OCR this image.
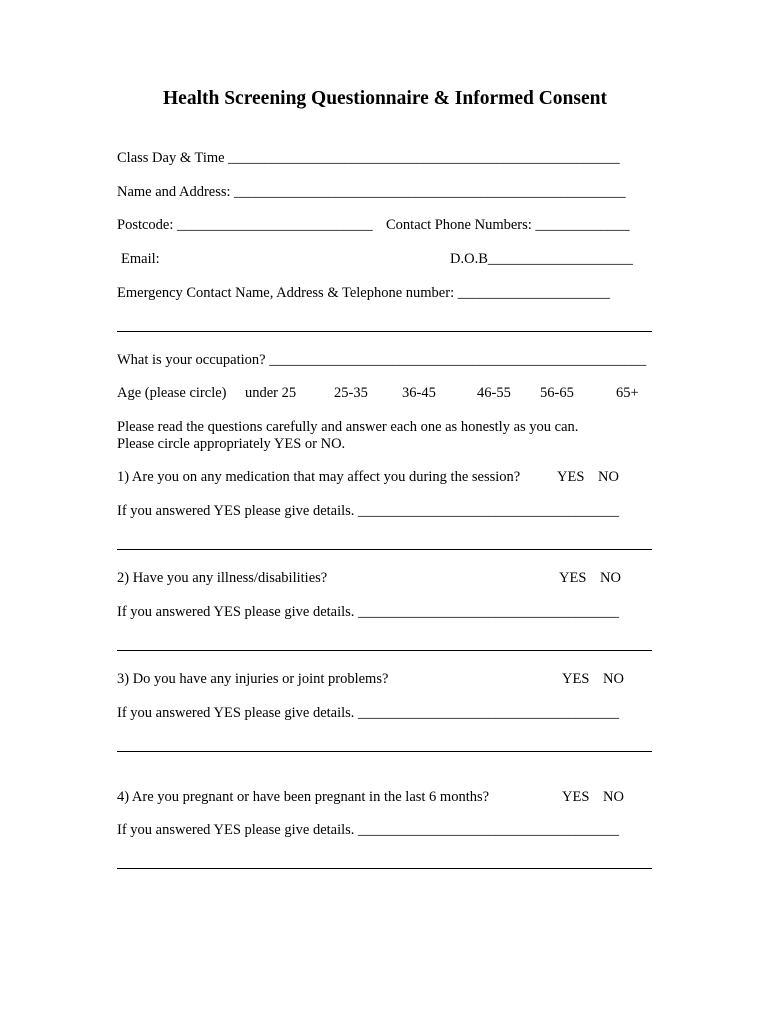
Health Screening Questionnaire & Informed Consent
Class Day & Time ______________________________________________________
Name and Address: ______________________________________________________
Postcode: ___________________________ Contact Phone Numbers: _____________
Email:	D.O.B____________________
Emergency Contact Name, Address & Telephone number: _____________________
What is your occupation? ____________________________________________________
Age (please circle) under 25	25-35 36-45	46-55 56-65	65+
Please read the questions carefully and answer each one as honestly as you can.
Please circle appropriately YES or NO.
1) Are you on any medication that may affect you during the session?	YES NO
If you answered YES please give details. ____________________________________
2) Have you any illness/disabilities?	YES NO
If you answered YES please give details. ____________________________________
3) Do you have any injuries or joint problems?	YES NO
If you answered YES please give details. ____________________________________
4) Are you pregnant or have been pregnant in the last 6 months?	YES NO
If you answered YES please give details. ____________________________________
